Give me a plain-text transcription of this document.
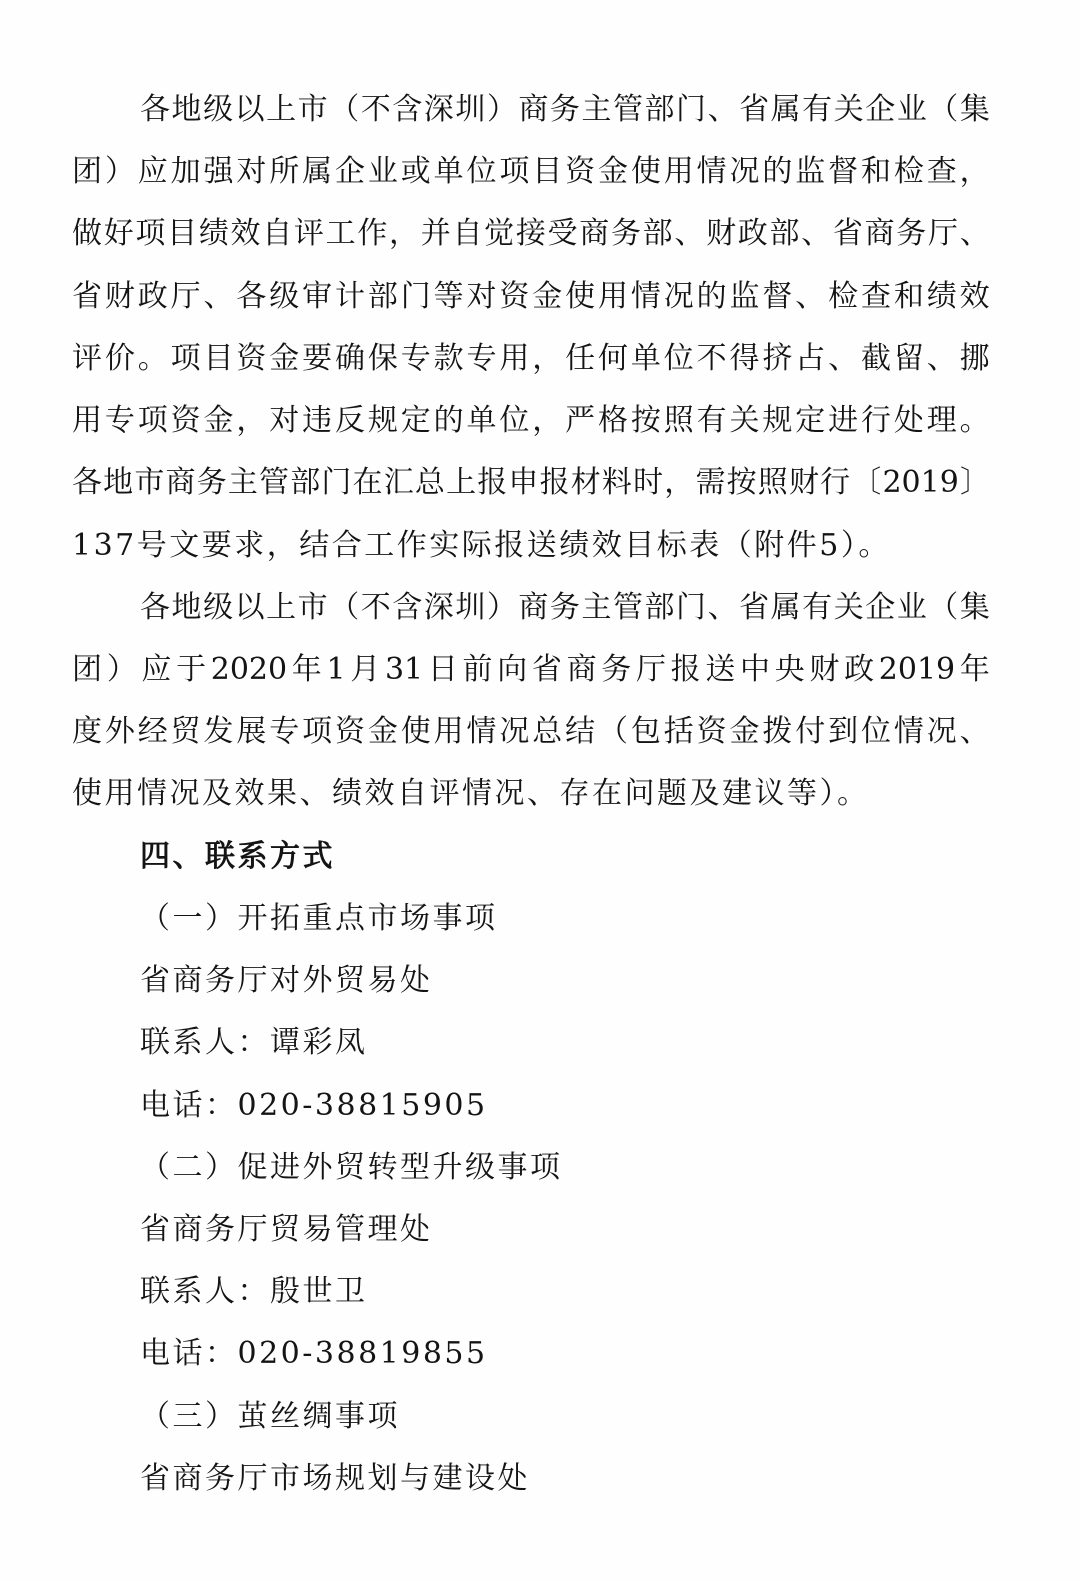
各 地 级 以 上 市 （ 不 含 深 圳 ） 商 务 主 管 部 门 、 省 属 有 关 企 业 （ 集
团 ） 应 加 强 对 所 属 企 业 或 单 位 项 目 资 金 使 用 情 况 的 监 督 和 检 查 ，
做 好 项 目 绩 效 自 评 工 作 ， 并 自 觉 接 受 商 务 部 、 财 政 部 、 省 商 务 厅 、
省 财 政 厅 、 各 级 审 计 部 门 等 对 资 金 使 用 情 况 的 监 督 、 检 查 和 绩 效
评 价 。 项 目 资 金 要 确 保 专 款 专 用 ， 任 何 单 位 不 得 挤 占 、 截 留 、 挪
用 专 项 资 金 ， 对 违 反 规 定 的 单 位 ， 严 格 按 照 有 关 规 定 进 行 处 理 。
各 地 市 商 务 主 管 部 门 在 汇 总 上 报 申 报 材 料 时 ， 需 按 照 财 行 〔 2019 〕
137号文要求，结合工作实际报送绩效目标表（附件5）。
各 地 级 以 上 市 （ 不 含 深 圳 ） 商 务 主 管 部 门 、 省 属 有 关 企 业 （ 集
团 ） 应 于 2020 年 1 月 31 日 前 向 省 商 务 厅 报 送 中 央 财 政 2019 年
度 外 经 贸 发 展 专 项 资 金 使 用 情 况 总 结 （ 包 括 资 金 拨 付 到 位 情 况 、
使用情况及效果、绩效自评情况、存在问题及建议等）。
四、联系方式
（一）开拓重点市场事项
省商务厅对外贸易处
联系人：谭彩凤
电话：020-38815905
（二）促进外贸转型升级事项
省商务厅贸易管理处
联系人：殷世卫
电话：020-38819855
（三）茧丝绸事项
省商务厅市场规划与建设处
